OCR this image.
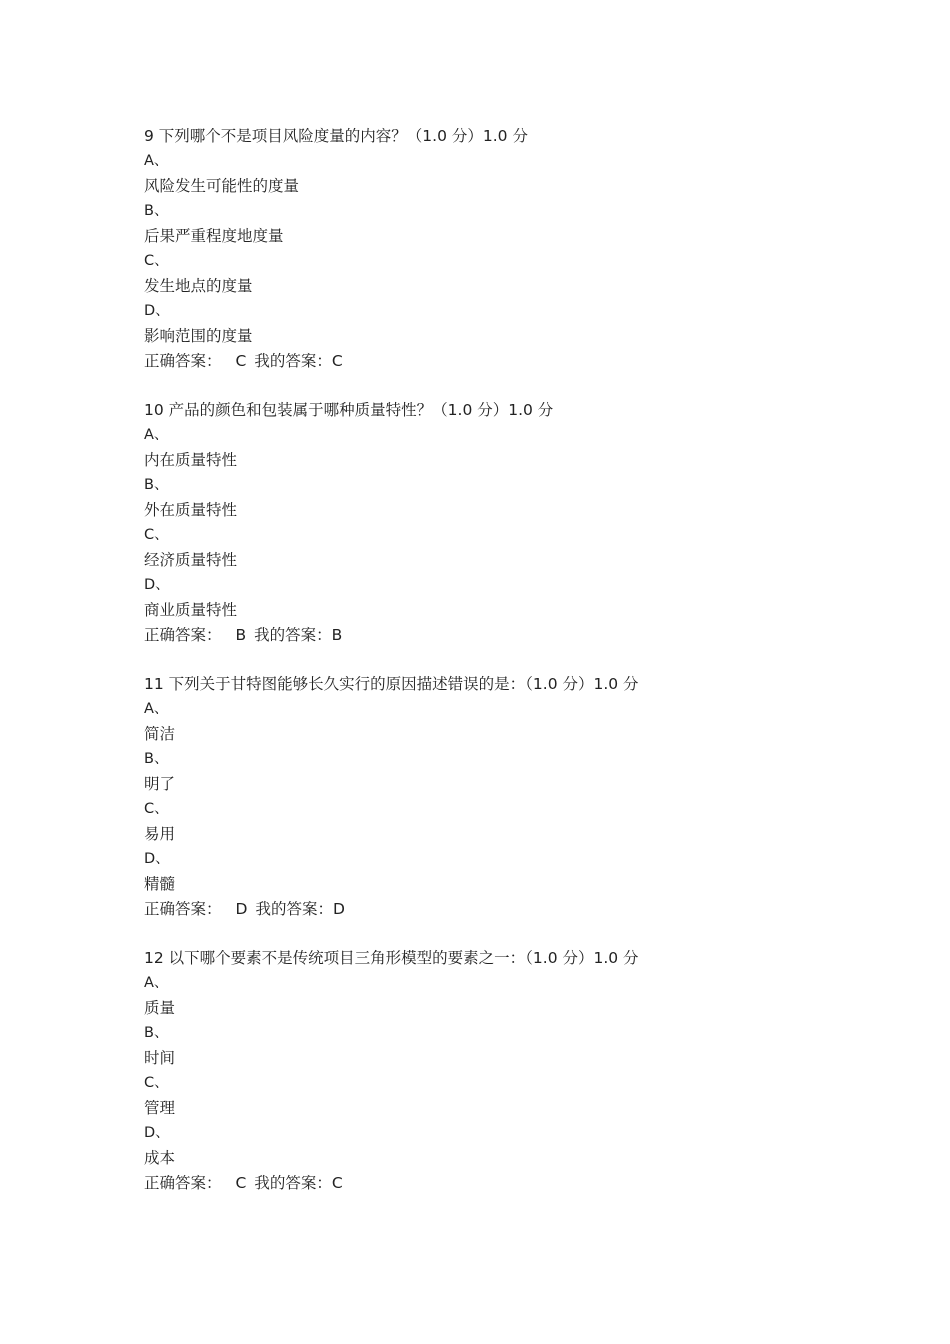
9 下列哪个不是项目风险度量的内容？（1.0 分）1.0 分
A、
风险发生可能性的度量
B、
后果严重程度地度量
C、
发生地点的度量
D、
影响范围的度量
正确答案： C 我的答案：C
10 产品的颜色和包装属于哪种质量特性？（1.0 分）1.0 分
A、
内在质量特性
B、
外在质量特性
C、
经济质量特性
D、
商业质量特性
正确答案： B 我的答案：B
11 下列关于甘特图能够长久实行的原因描述错误的是：（1.0 分）1.0 分
A、
简洁
B、
明了
C、
易用
D、
精髓
正确答案： D 我的答案：D
12 以下哪个要素不是传统项目三角形模型的要素之一：（1.0 分）1.0 分
A、
质量
B、
时间
C、
管理
D、
成本
正确答案： C 我的答案：C
